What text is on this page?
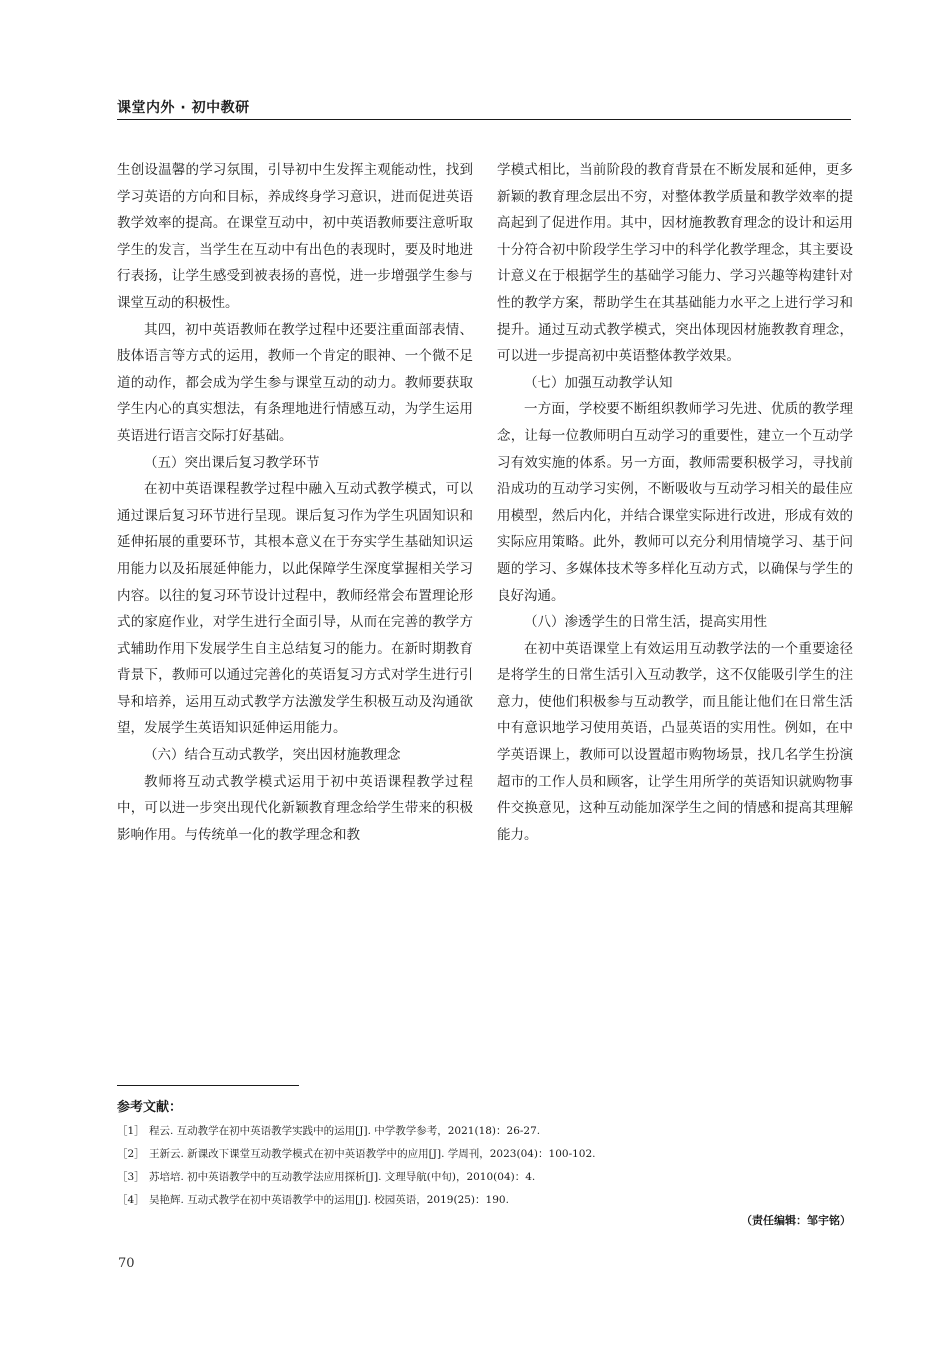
课堂内外 · 初中教研

生创设温馨的学习氛围，引导初中生发挥主观能动性，找到学习英语的方向和目标，养成终身学习意识，进而促进英语教学效率的提高。在课堂互动中，初中英语教师要注意听取学生的发言，当学生在互动中有出色的表现时，要及时地进行表扬，让学生感受到被表扬的喜悦，进一步增强学生参与课堂互动的积极性。

其四，初中英语教师在教学过程中还要注重面部表情、肢体语言等方式的运用，教师一个肯定的眼神、一个微不足道的动作，都会成为学生参与课堂互动的动力。教师要获取学生内心的真实想法，有条理地进行情感互动，为学生运用英语进行语言交际打好基础。

（五）突出课后复习教学环节

在初中英语课程教学过程中融入互动式教学模式，可以通过课后复习环节进行呈现。课后复习作为学生巩固知识和延伸拓展的重要环节，其根本意义在于夯实学生基础知识运用能力以及拓展延伸能力，以此保障学生深度掌握相关学习内容。以往的复习环节设计过程中，教师经常会布置理论形式的家庭作业，对学生进行全面引导，从而在完善的教学方式辅助作用下发展学生自主总结复习的能力。在新时期教育背景下，教师可以通过完善化的英语复习方式对学生进行引导和培养，运用互动式教学方法激发学生积极互动及沟通欲望，发展学生英语知识延伸运用能力。

（六）结合互动式教学，突出因材施教理念

教师将互动式教学模式运用于初中英语课程教学过程中，可以进一步突出现代化新颖教育理念给学生带来的积极影响作用。与传统单一化的教学理念和教

学模式相比，当前阶段的教育背景在不断发展和延伸，更多新颖的教育理念层出不穷，对整体教学质量和教学效率的提高起到了促进作用。其中，因材施教教育理念的设计和运用十分符合初中阶段学生学习中的科学化教学理念，其主要设计意义在于根据学生的基础学习能力、学习兴趣等构建针对性的教学方案，帮助学生在其基础能力水平之上进行学习和提升。通过互动式教学模式，突出体现因材施教教育理念，可以进一步提高初中英语整体教学效果。

（七）加强互动教学认知

一方面，学校要不断组织教师学习先进、优质的教学理念，让每一位教师明白互动学习的重要性，建立一个互动学习有效实施的体系。另一方面，教师需要积极学习，寻找前沿成功的互动学习实例，不断吸收与互动学习相关的最佳应用模型，然后内化，并结合课堂实际进行改进，形成有效的实际应用策略。此外，教师可以充分利用情境学习、基于问题的学习、多媒体技术等多样化互动方式，以确保与学生的良好沟通。

（八）渗透学生的日常生活，提高实用性

在初中英语课堂上有效运用互动教学法的一个重要途径是将学生的日常生活引入互动教学，这不仅能吸引学生的注意力，使他们积极参与互动教学，而且能让他们在日常生活中有意识地学习使用英语，凸显英语的实用性。例如，在中学英语课上，教师可以设置超市购物场景，找几名学生扮演超市的工作人员和顾客，让学生用所学的英语知识就购物事件交换意见，这种互动能加深学生之间的情感和提高其理解能力。

参考文献：
［1］ 程云. 互动教学在初中英语教学实践中的运用[J]. 中学教学参考，2021(18)：26-27.
［2］ 王新云. 新课改下课堂互动教学模式在初中英语教学中的应用[J]. 学周刊，2023(04)：100-102.
［3］ 苏培培. 初中英语教学中的互动教学法应用探析[J]. 文理导航(中旬)，2010(04)：4.
［4］ 吴艳辉. 互动式教学在初中英语教学中的运用[J]. 校园英语，2019(25)：190.
（责任编辑：邹宇铭）
70
